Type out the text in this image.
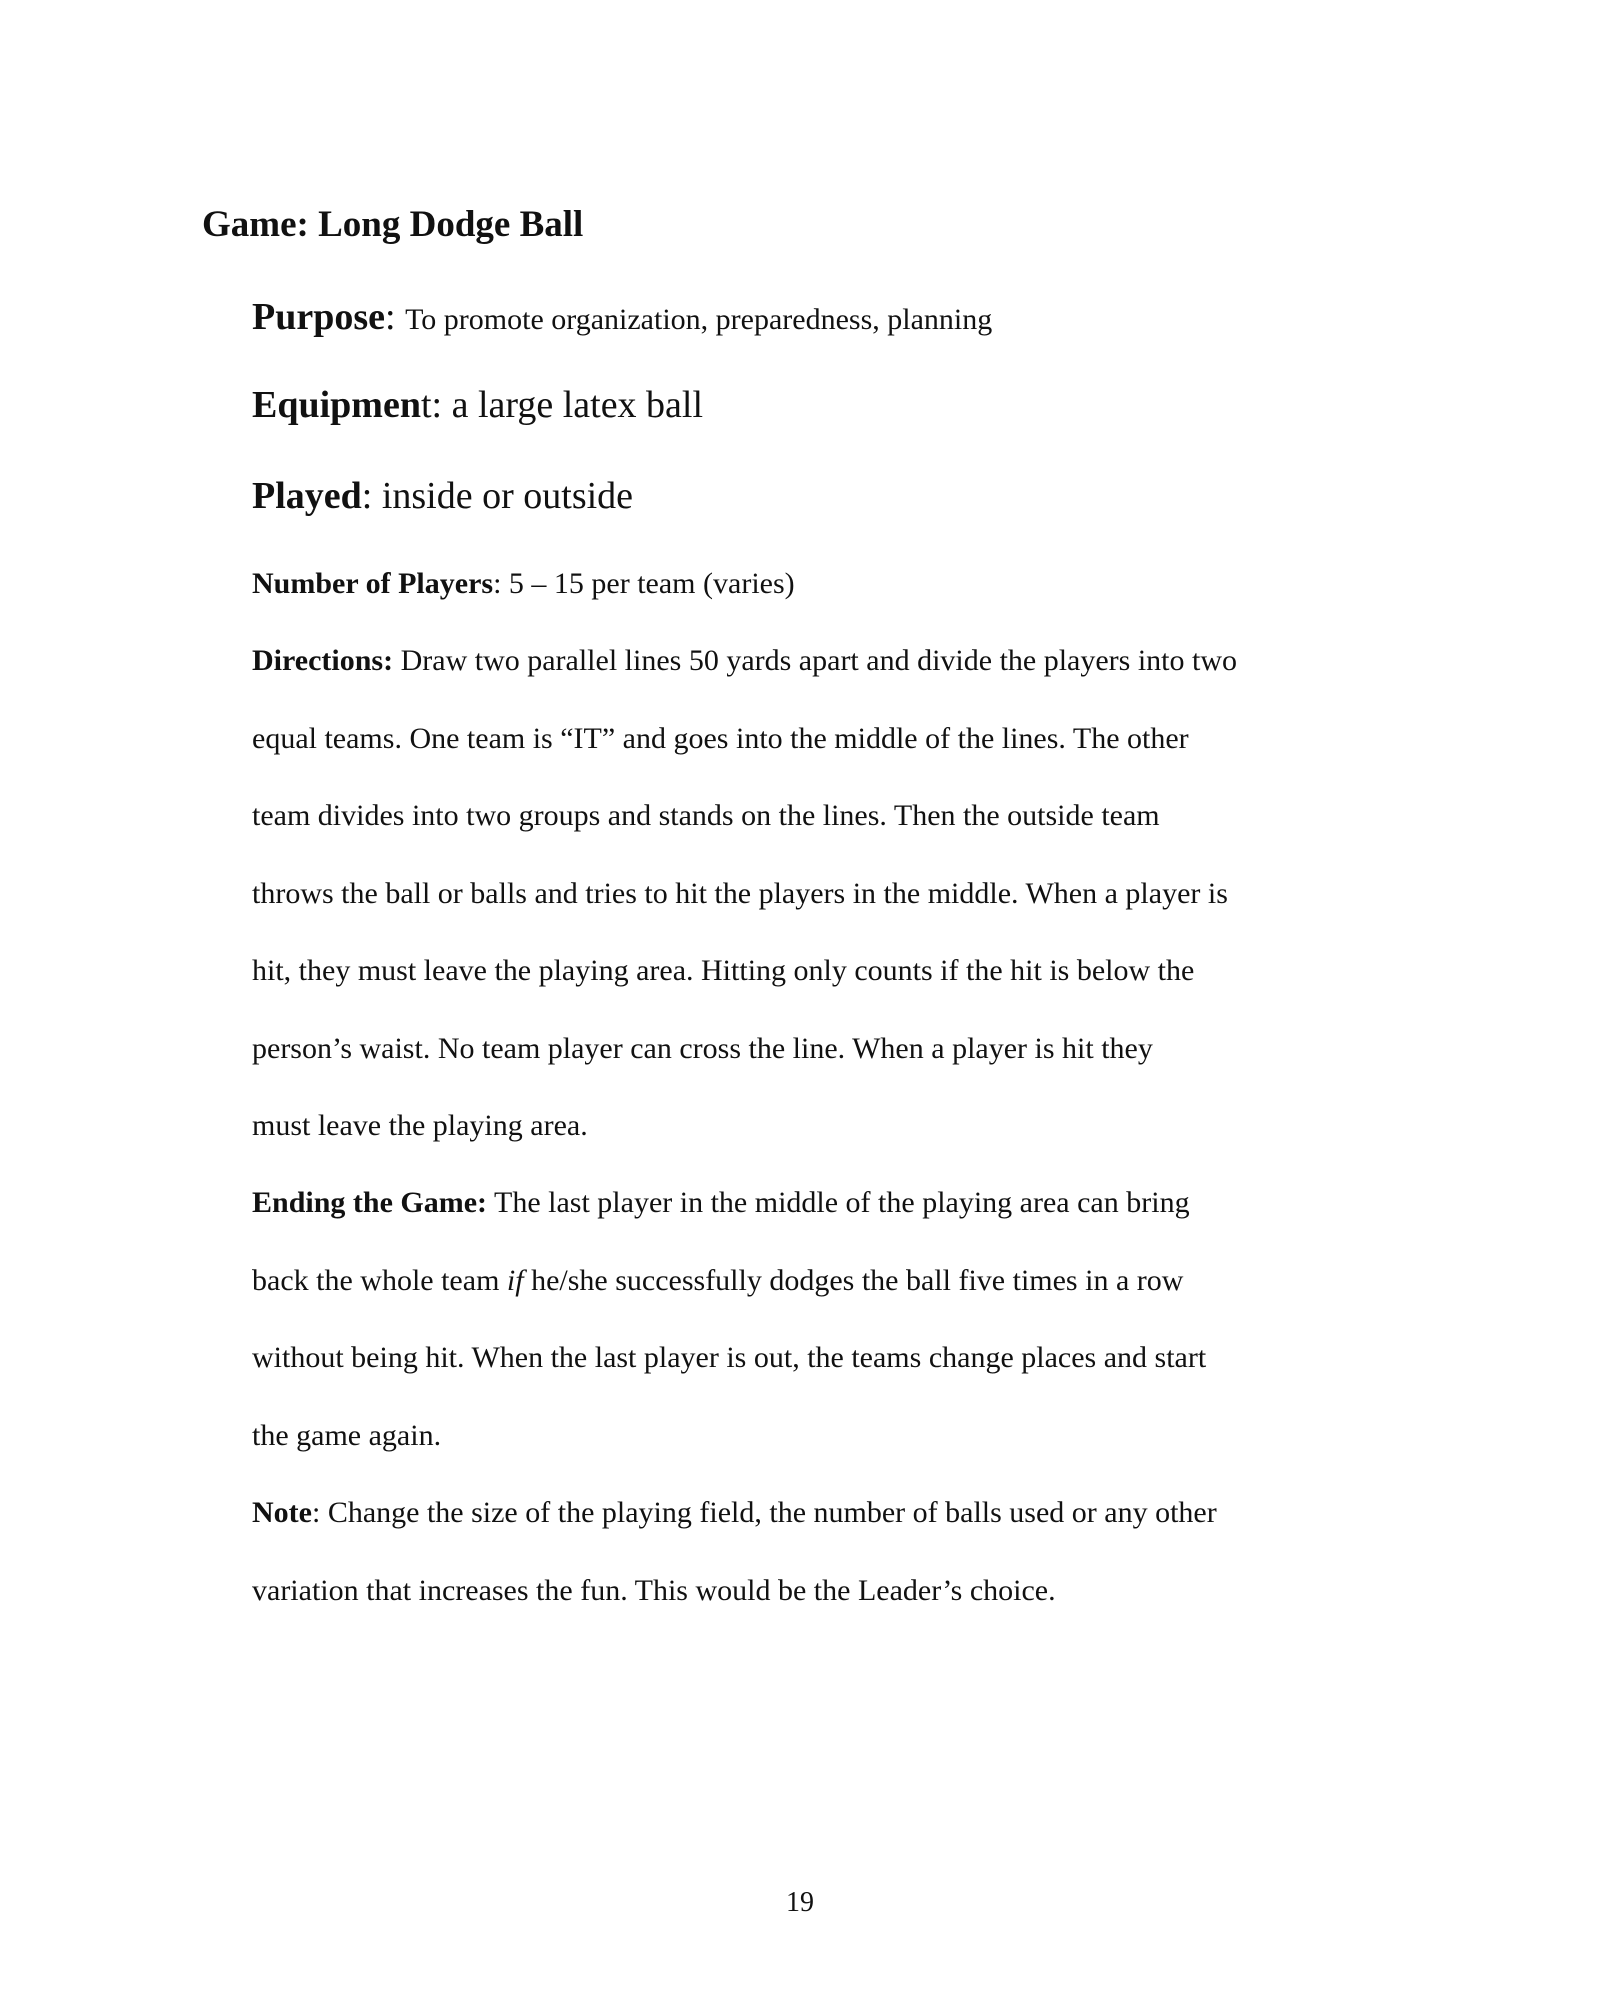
Game: Long Dodge Ball
Purpose: To promote organization, preparedness, planning
Equipment: a large latex ball
Played: inside or outside
Number of Players: 5 – 15 per team (varies)
Directions: Draw two parallel lines 50 yards apart and divide the players into two
equal teams. One team is “IT” and goes into the middle of the lines. The other
team divides into two groups and stands on the lines. Then the outside team
throws the ball or balls and tries to hit the players in the middle. When a player is
hit, they must leave the playing area. Hitting only counts if the hit is below the
person’s waist. No team player can cross the line. When a player is hit they
must leave the playing area.
Ending the Game: The last player in the middle of the playing area can bring
back the whole team if he/she successfully dodges the ball five times in a row
without being hit. When the last player is out, the teams change places and start
the game again.
Note: Change the size of the playing field, the number of balls used or any other
variation that increases the fun. This would be the Leader’s choice.
19
